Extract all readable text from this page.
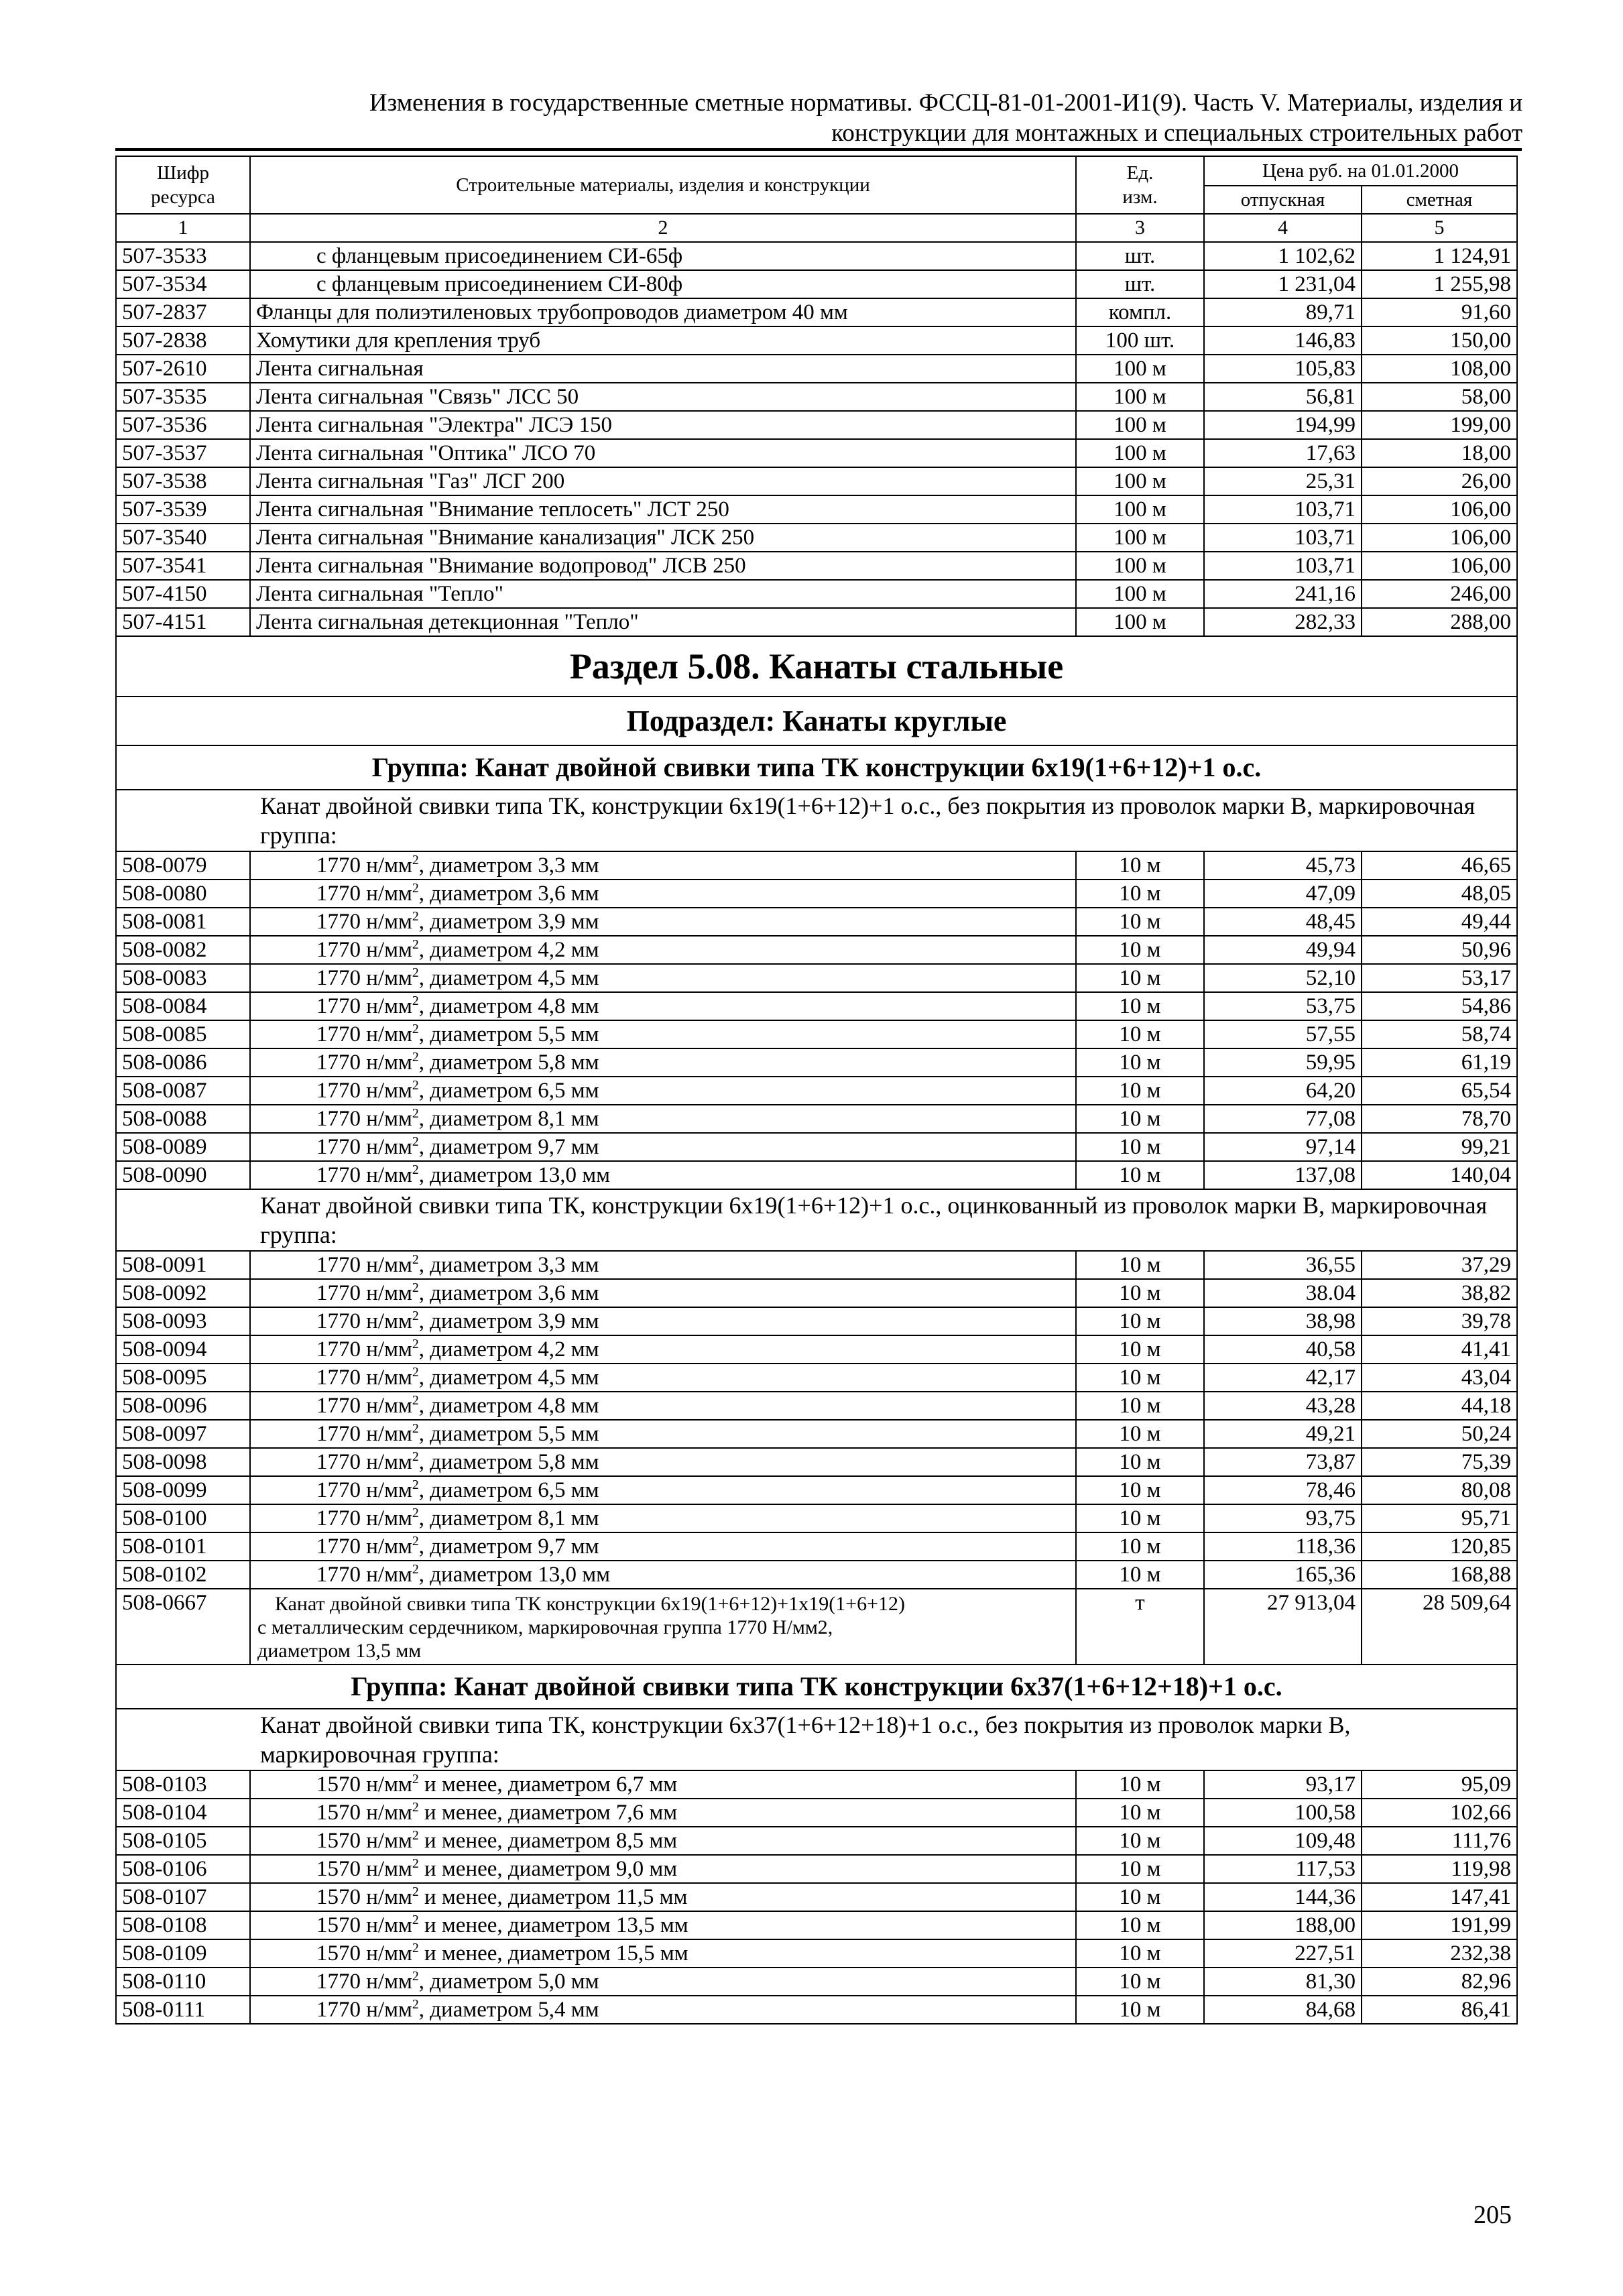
Изменения в государственные сметные нормативы. ФССЦ-81-01-2001-И1(9). Часть V. Материалы, изделия и
конструкции для монтажных и специальных строительных работ
Шифр
ресурса	Строительные материалы, изделия и конструкции	Ед.
изм.	Цена руб. на 01.01.2000	
			отпускная	сметная
1	2	3	4	5
507-3533	с фланцевым присоединением СИ-65ф	шт.	1 102,62	1 124,91
507-3534	с фланцевым присоединением СИ-80ф	шт.	1 231,04	1 255,98
507-2837	Фланцы для полиэтиленовых трубопроводов диаметром 40 мм	компл.	89,71	91,60
507-2838	Хомутики для крепления труб	100 шт.	146,83	150,00
507-2610	Лента сигнальная	100 м	105,83	108,00
507-3535	Лента сигнальная "Связь" ЛСС 50	100 м	56,81	58,00
507-3536	Лента сигнальная "Электра" ЛСЭ 150	100 м	194,99	199,00
507-3537	Лента сигнальная "Оптика" ЛСО 70	100 м	17,63	18,00
507-3538	Лента сигнальная "Газ" ЛСГ 200	100 м	25,31	26,00
507-3539	Лента сигнальная "Внимание теплосеть" ЛСТ 250	100 м	103,71	106,00
507-3540	Лента сигнальная "Внимание канализация" ЛСК 250	100 м	103,71	106,00
507-3541	Лента сигнальная "Внимание водопровод" ЛСВ 250	100 м	103,71	106,00
507-4150	Лента сигнальная "Тепло"	100 м	241,16	246,00
507-4151	Лента сигнальная детекционная "Тепло"	100 м	282,33	288,00
Раздел 5.08. Канаты стальные				
Подраздел: Канаты круглые				
Группа: Канат двойной свивки типа ТК конструкции 6х19(1+6+12)+1 о.с.				
Канат двойной свивки типа ТК, конструкции 6х19(1+6+12)+1 о.с., без покрытия из проволок марки В, маркировочная группа:				
508-0079	1770 $н/мм^2$, диаметром 3,3 мм	10 м	45,73	46,65
508-0080	1770 $н/мм^2$, диаметром 3,6 мм	10 м	47,09	48,05
508-0081	1770 $н/мм^2$, диаметром 3,9 мм	10 м	48,45	49,44
508-0082	1770 $н/мм^2$, диаметром 4,2 мм	10 м	49,94	50,96
508-0083	1770 $н/мм^2$, диаметром 4,5 мм	10 м	52,10	53,17
508-0084	1770 $н/мм^2$, диаметром 4,8 мм	10 м	53,75	54,86
508-0085	1770 $н/мм^2$, диаметром 5,5 мм	10 м	57,55	58,74
508-0086	1770 $н/мм^2$, диаметром 5,8 мм	10 м	59,95	61,19
508-0087	1770 $н/мм^2$, диаметром 6,5 мм	10 м	64,20	65,54
508-0088	1770 $н/мм^2$, диаметром 8,1 мм	10 м	77,08	78,70
508-0089	1770 $н/мм^2$, диаметром 9,7 мм	10 м	97,14	99,21
508-0090	1770 $н/мм^2$, диаметром 13,0 мм	10 м	137,08	140,04
Канат двойной свивки типа ТК, конструкции 6х19(1+6+12)+1 о.с., оцинкованный из проволок марки В, маркировочная группа:				
508-0091	1770 $н/мм^2$, диаметром 3,3 мм	10 м	36,55	37,29
508-0092	1770 $н/мм^2$, диаметром 3,6 мм	10 м	38.04	38,82
508-0093	1770 $н/мм^2$, диаметром 3,9 мм	10 м	38,98	39,78
508-0094	1770 $н/мм^2$, диаметром 4,2 мм	10 м	40,58	41,41
508-0095	1770 $н/мм^2$, диаметром 4,5 мм	10 м	42,17	43,04
508-0096	1770 $н/мм^2$, диаметром 4,8 мм	10 м	43,28	44,18
508-0097	1770 $н/мм^2$, диаметром 5,5 мм	10 м	49,21	50,24
508-0098	1770 $н/мм^2$, диаметром 5,8 мм	10 м	73,87	75,39
508-0099	1770 $н/мм^2$, диаметром 6,5 мм	10 м	78,46	80,08
508-0100	1770 $н/мм^2$, диаметром 8,1 мм	10 м	93,75	95,71
508-0101	1770 $н/мм^2$, диаметром 9,7 мм	10 м	118,36	120,85
508-0102	1770 $н/мм^2$, диаметром 13,0 мм	10 м	165,36	168,88
508-0667	Канат двойной свивки типа ТК конструкции 6х19(1+6+12)+1х19(1+6+12)
с металлическим сердечником, маркировочная группа 1770 Н/мм2,
диаметром 13,5 мм	т	27 913,04	28 509,64
Группа: Канат двойной свивки типа ТК конструкции 6х37(1+6+12+18)+1 о.с.				
Канат двойной свивки типа ТК, конструкции 6х37(1+6+12+18)+1 о.с., без покрытия из проволок марки В, маркировочная группа:				
508-0103	1570 $н/мм^2$ и менее, диаметром 6,7 мм	10 м	93,17	95,09
508-0104	1570 $н/мм^2$ и менее, диаметром 7,6 мм	10 м	100,58	102,66
508-0105	1570 $н/мм^2$ и менее, диаметром 8,5 мм	10 м	109,48	111,76
508-0106	1570 $н/мм^2$ и менее, диаметром 9,0 мм	10 м	117,53	119,98
508-0107	1570 $н/мм^2$ и менее, диаметром 11,5 мм	10 м	144,36	147,41
508-0108	1570 $н/мм^2$ и менее, диаметром 13,5 мм	10 м	188,00	191,99
508-0109	1570 $н/мм^2$ и менее, диаметром 15,5 мм	10 м	227,51	232,38
508-0110	1770 $н/мм^2$, диаметром 5,0 мм	10 м	81,30	82,96
508-0111	1770 $н/мм^2$, диаметром 5,4 мм	10 м	84,68	86,41
205
